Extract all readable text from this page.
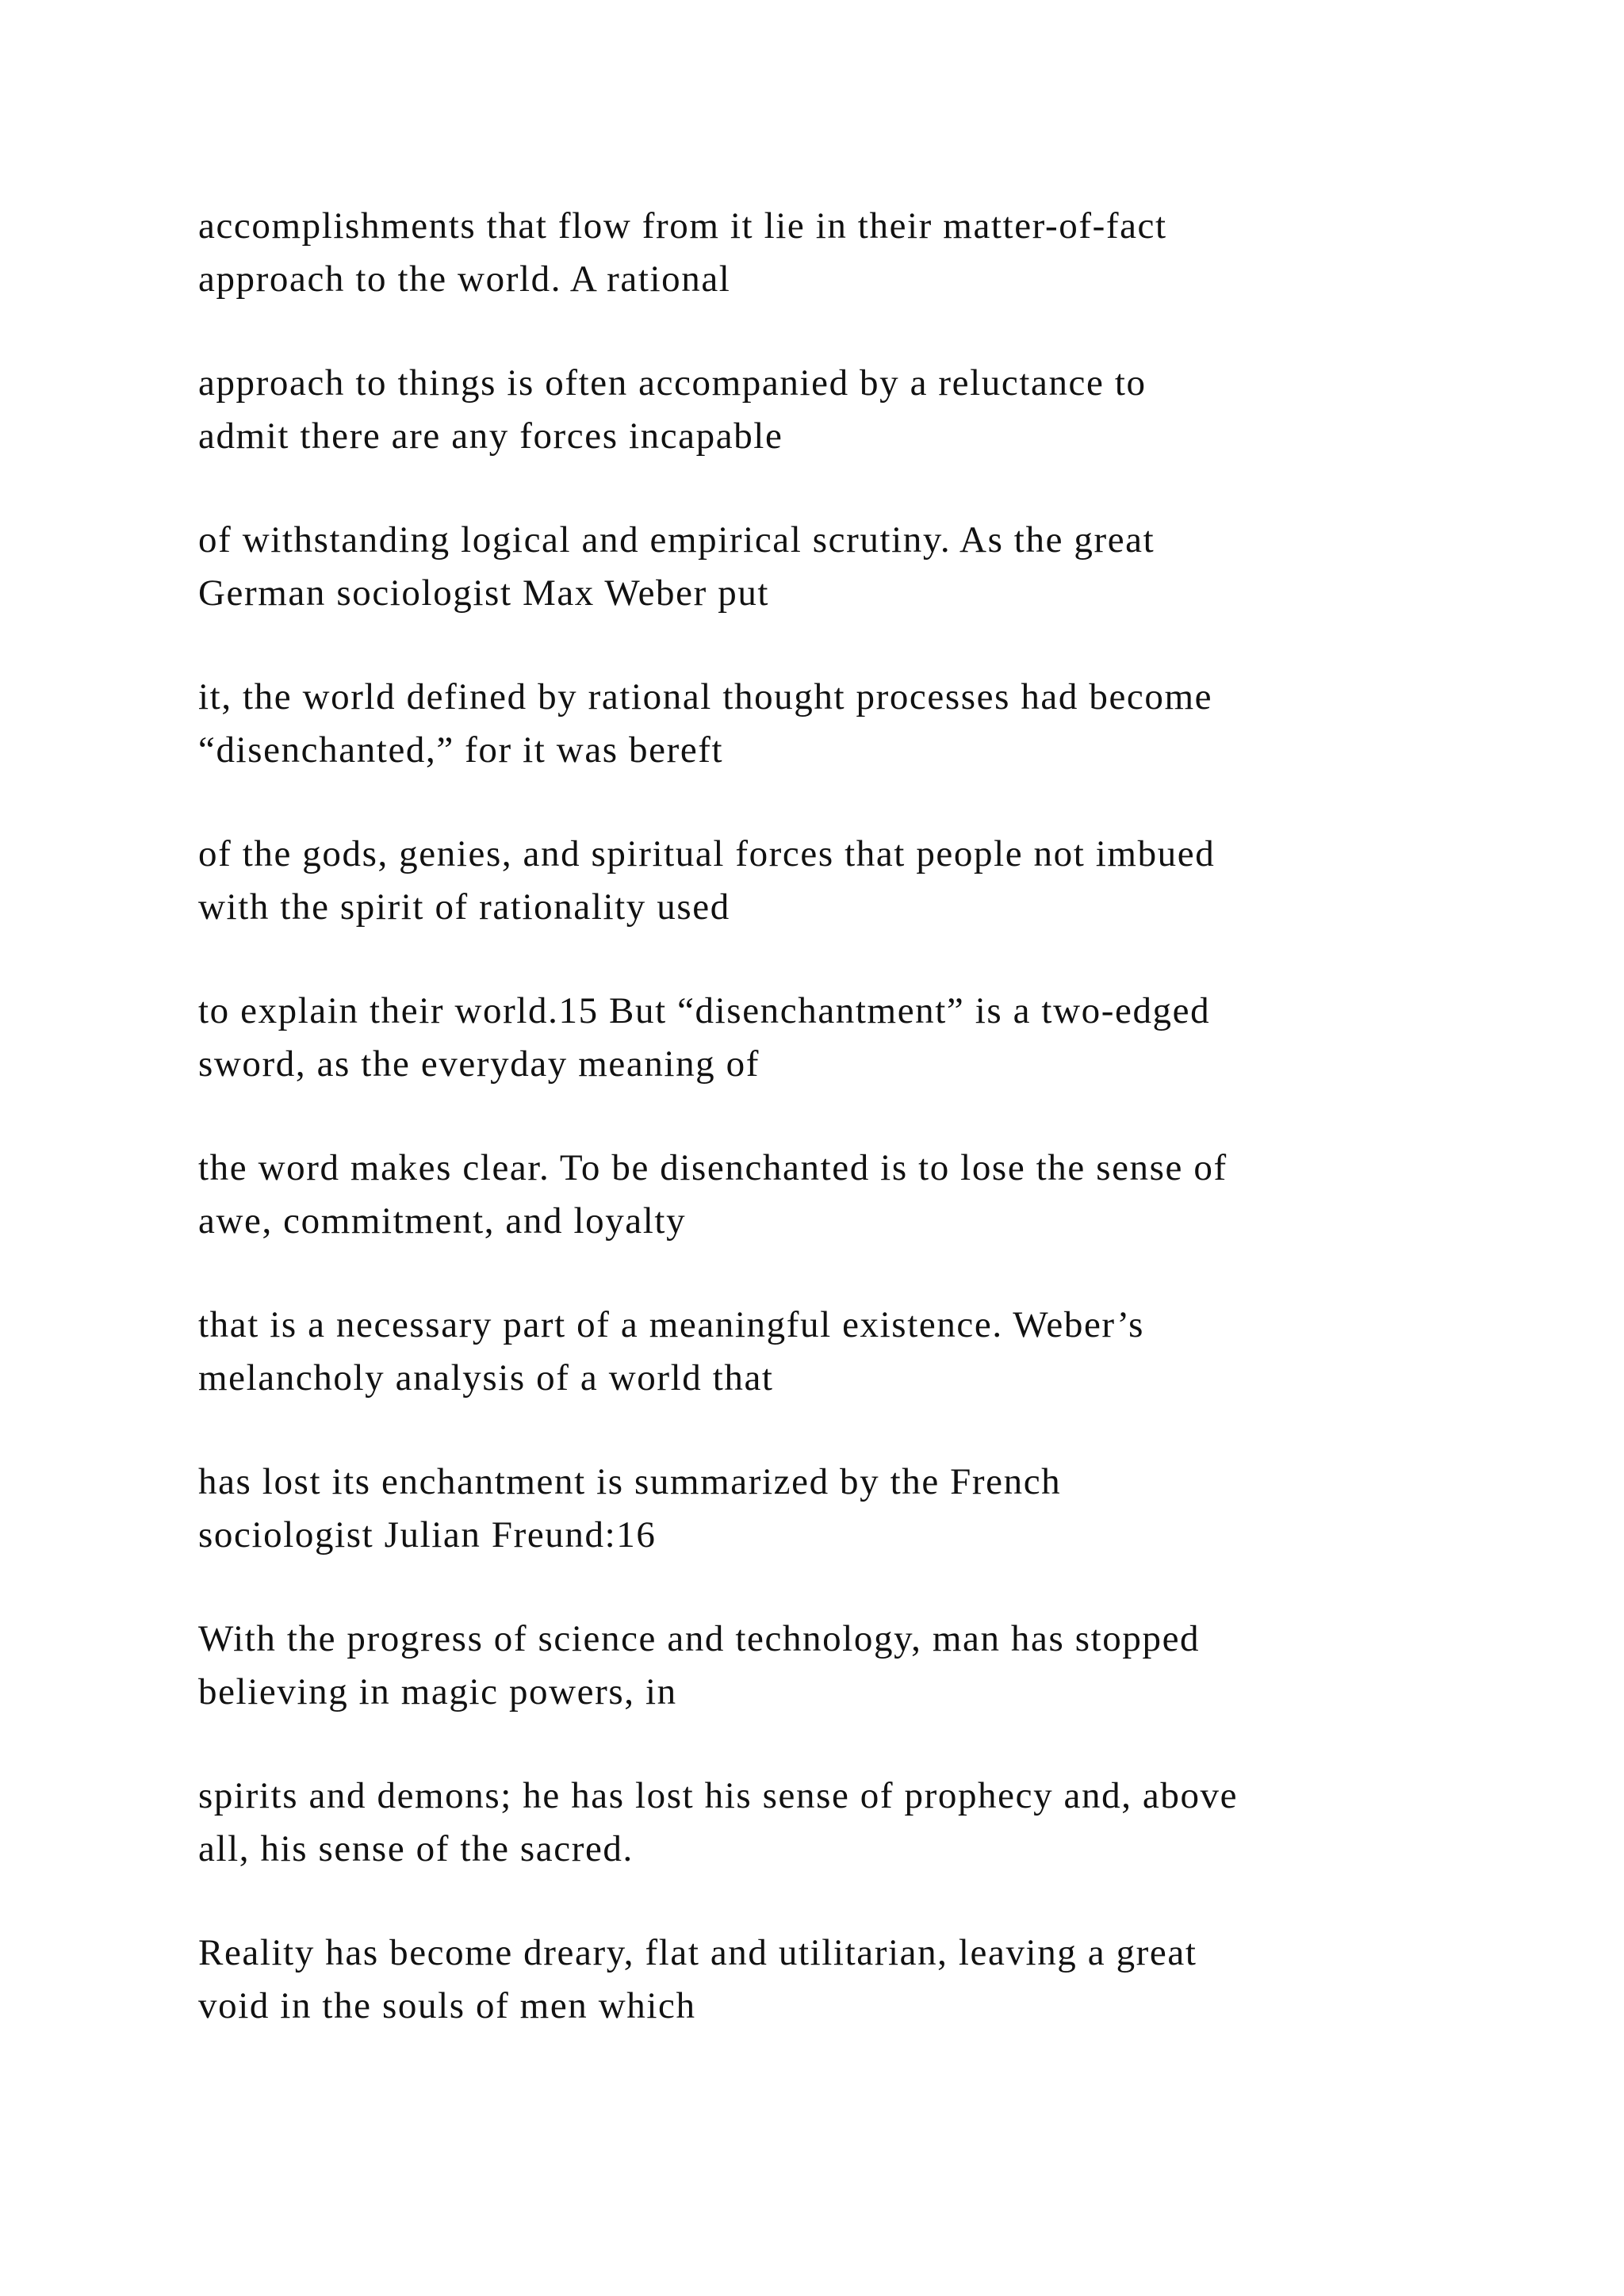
accomplishments that flow from it lie in their matter-of-fact
approach to the world. A rational

approach to things is often accompanied by a reluctance to
admit there are any forces incapable

of withstanding logical and empirical scrutiny. As the great
German sociologist Max Weber put

it, the world defined by rational thought processes had become
“disenchanted,” for it was bereft

of the gods, genies, and spiritual forces that people not imbued
with the spirit of rationality used

to explain their world.15 But “disenchantment” is a two-edged
sword, as the everyday meaning of

the word makes clear. To be disenchanted is to lose the sense of
awe, commitment, and loyalty

that is a necessary part of a meaningful existence. Weber’s
melancholy analysis of a world that

has lost its enchantment is summarized by the French
sociologist Julian Freund:16

With the progress of science and technology, man has stopped
believing in magic powers, in

spirits and demons; he has lost his sense of prophecy and, above
all, his sense of the sacred.

Reality has become dreary, flat and utilitarian, leaving a great
void in the souls of men which
